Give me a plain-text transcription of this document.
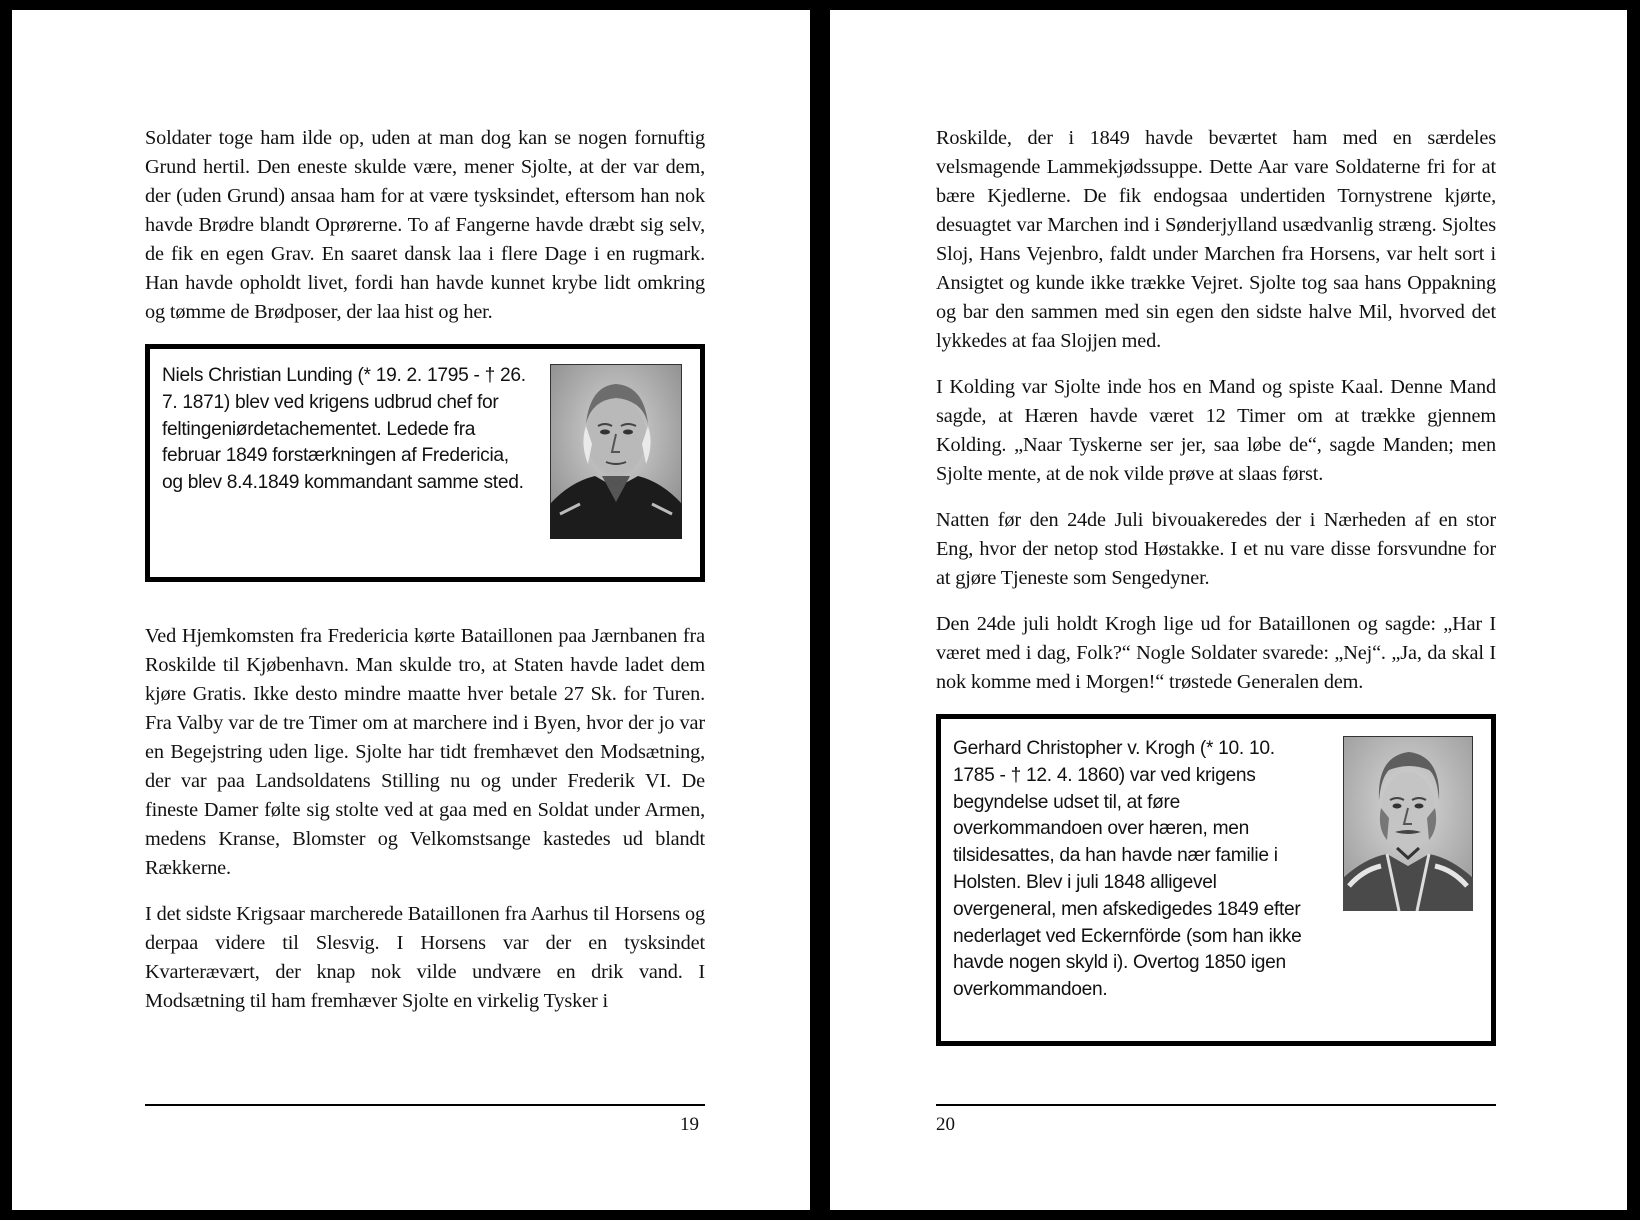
Soldater toge ham ilde op, uden at man dog kan se nogen fornuftig Grund hertil. Den eneste skulde være, mener Sjolte, at der var dem, der (uden Grund) ansaa ham for at være tysksindet, eftersom han nok havde Brødre blandt Oprørerne. To af Fangerne havde dræbt sig selv, de fik en egen Grav. En saaret dansk laa i flere Dage i en rugmark. Han havde opholdt livet, fordi han havde kunnet krybe lidt omkring og tømme de Brødposer, der laa hist og her.

Niels Christian Lunding (* 19. 2. 1795 - † 26. 7. 1871) blev ved krigens udbrud chef for feltingeniørdetachementet. Ledede fra februar 1849 forstærkningen af Fredericia, og blev 8.4.1849 kommandant samme sted.

Ved Hjemkomsten fra Fredericia kørte Bataillonen paa Jærnbanen fra Roskilde til Kjøbenhavn. Man skulde tro, at Staten havde ladet dem kjøre Gratis. Ikke desto mindre maatte hver betale 27 Sk. for Turen. Fra Valby var de tre Timer om at marchere ind i Byen, hvor der jo var en Begejstring uden lige. Sjolte har tidt fremhævet den Modsætning, der var paa Landsoldatens Stilling nu og under Frederik VI. De fineste Damer følte sig stolte ved at gaa med en Soldat under Armen, medens Kranse, Blomster og Velkomstsange kastedes ud blandt Rækkerne.

I det sidste Krigsaar marcherede Bataillonen fra Aarhus til Horsens og derpaa videre til Slesvig. I Horsens var der en tysksindet Kvarterævært, der knap nok vilde undvære en drik vand. I Modsætning til ham fremhæver Sjolte en virkelig Tysker i

19

Roskilde, der i 1849 havde beværtet ham med en særdeles velsmagende Lammekjødssuppe. Dette Aar vare Soldaterne fri for at bære Kjedlerne. De fik endogsaa undertiden Tornystrene kjørte, desuagtet var Marchen ind i Sønderjylland usædvanlig stræng. Sjoltes Sloj, Hans Vejenbro, faldt under Marchen fra Horsens, var helt sort i Ansigtet og kunde ikke trække Vejret. Sjolte tog saa hans Oppakning og bar den sammen med sin egen den sidste halve Mil, hvorved det lykkedes at faa Slojjen med.

I Kolding var Sjolte inde hos en Mand og spiste Kaal. Denne Mand sagde, at Hæren havde været 12 Timer om at trække gjennem Kolding. „Naar Tyskerne ser jer, saa løbe de“, sagde Manden; men Sjolte mente, at de nok vilde prøve at slaas først.

Natten før den 24de Juli bivouakeredes der i Nærheden af en stor Eng, hvor der netop stod Høstakke. I et nu vare disse forsvundne for at gjøre Tjeneste som Sengedyner.

Den 24de juli holdt Krogh lige ud for Bataillonen og sagde: „Har I været med i dag, Folk?“ Nogle Soldater svarede: „Nej“. „Ja, da skal I nok komme med i Morgen!“ trøstede Generalen dem.

Gerhard Christopher v. Krogh (* 10. 10. 1785 - † 12. 4. 1860) var ved krigens begyndelse udset til, at føre overkommandoen over hæren, men tilsidesattes, da han havde nær familie i Holsten. Blev i juli 1848 alligevel overgeneral, men afskedigedes 1849 efter nederlaget ved Eckernförde (som han ikke havde nogen skyld i). Overtog 1850 igen overkommandoen.
20
